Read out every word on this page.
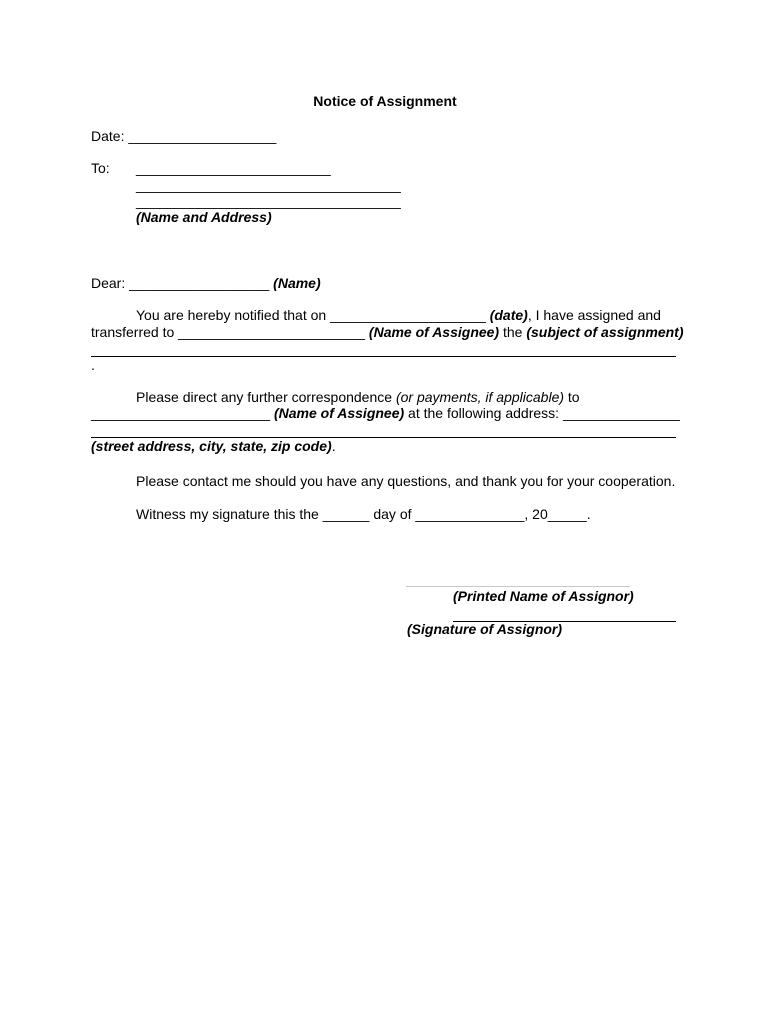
Notice of Assignment
Date: ___________________
To: _________________________
__________________________________
__________________________________
(Name and Address)
Dear: __________________ (Name)
You are hereby notified that on ____________________ (date), I have assigned and
transferred to ________________________ (Name of Assignee) the (subject of assignment)
.
Please direct any further correspondence (or payments, if applicable) to
_______________________ (Name of Assignee) at the following address: _______________
(street address, city, state, zip code).
Please contact me should you have any questions, and thank you for your cooperation.
Witness my signature this the ______ day of ______________, 20_____.
(Printed Name of Assignor)
(Signature of Assignor)
